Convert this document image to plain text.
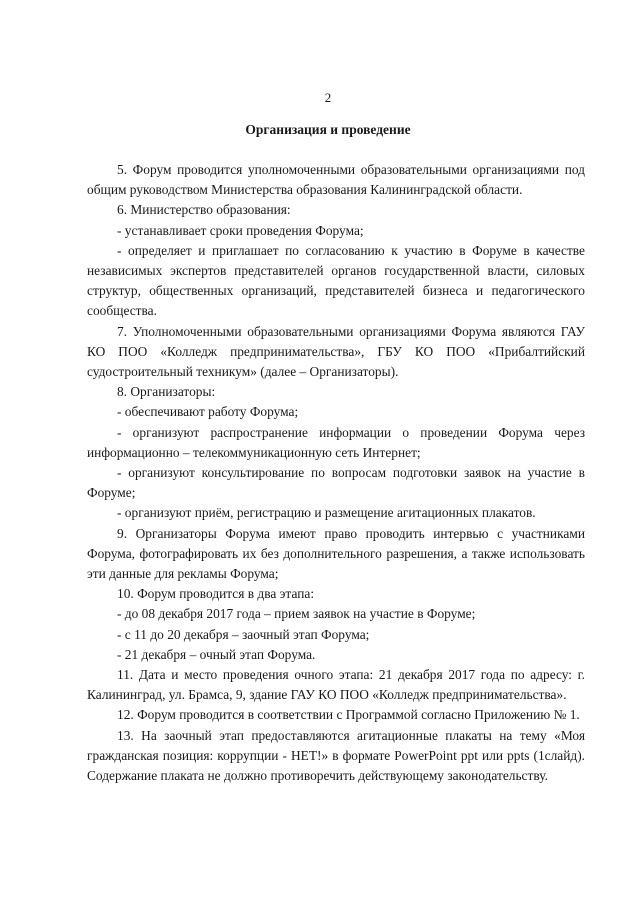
2
Организация и проведение

5. Форум проводится уполномоченными образовательными организациями под общим руководством Министерства образования Калининградской области.

6. Министерство образования:

- устанавливает сроки проведения Форума;

- определяет и приглашает по согласованию к участию в Форуме в качестве независимых экспертов представителей органов государственной власти, силовых структур, общественных организаций, представителей бизнеса и педагогического сообщества.

7. Уполномоченными образовательными организациями Форума являются ГАУ КО ПОО «Колледж предпринимательства», ГБУ КО ПОО «Прибалтийский судостроительный техникум» (далее – Организаторы).

8. Организаторы:

- обеспечивают работу Форума;

- организуют распространение информации о проведении Форума через информационно – телекоммуникационную сеть Интернет;

- организуют консультирование по вопросам подготовки заявок на участие в Форуме;

- организуют приём, регистрацию и размещение агитационных плакатов.

9. Организаторы Форума имеют право проводить интервью с участниками Форума, фотографировать их без дополнительного разрешения, а также использовать эти данные для рекламы Форума;

10. Форум проводится в два этапа:

- до 08 декабря 2017 года – прием заявок на участие в Форуме;

- с 11 до 20 декабря – заочный этап Форума;

- 21 декабря – очный этап Форума.

11. Дата и место проведения очного этапа: 21 декабря 2017 года по адресу: г. Калининград, ул. Брамса, 9, здание ГАУ КО ПОО «Колледж предпринимательства».

12. Форум проводится в соответствии с Программой согласно Приложению № 1.

13. На заочный этап предоставляются агитационные плакаты на тему «Моя гражданская позиция: коррупции - НЕТ!» в формате PowerPoint ppt или ppts (1слайд). Содержание плаката не должно противоречить действующему законодательству.
